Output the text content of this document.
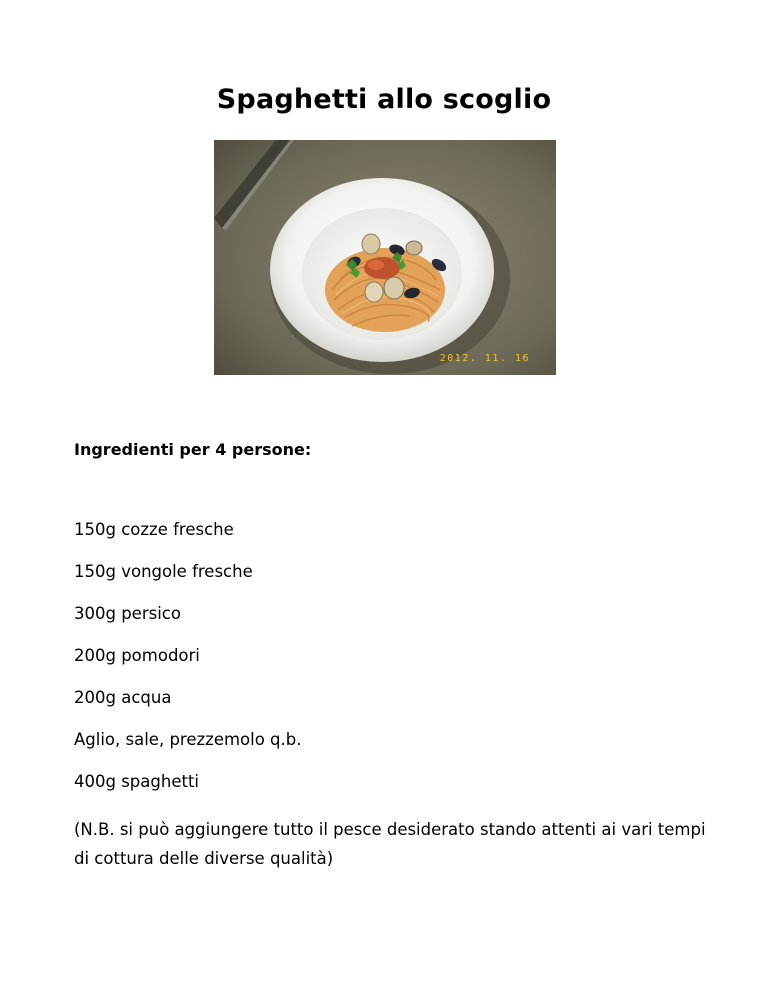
Spaghetti allo scoglio
2012. 11. 16
Ingredienti per 4 persone:
150g cozze fresche
150g vongole fresche
300g persico
200g pomodori
200g acqua
Aglio, sale, prezzemolo q.b.
400g spaghetti
(N.B. si può aggiungere tutto il pesce desiderato stando attenti ai vari tempi di cottura delle diverse qualità)
